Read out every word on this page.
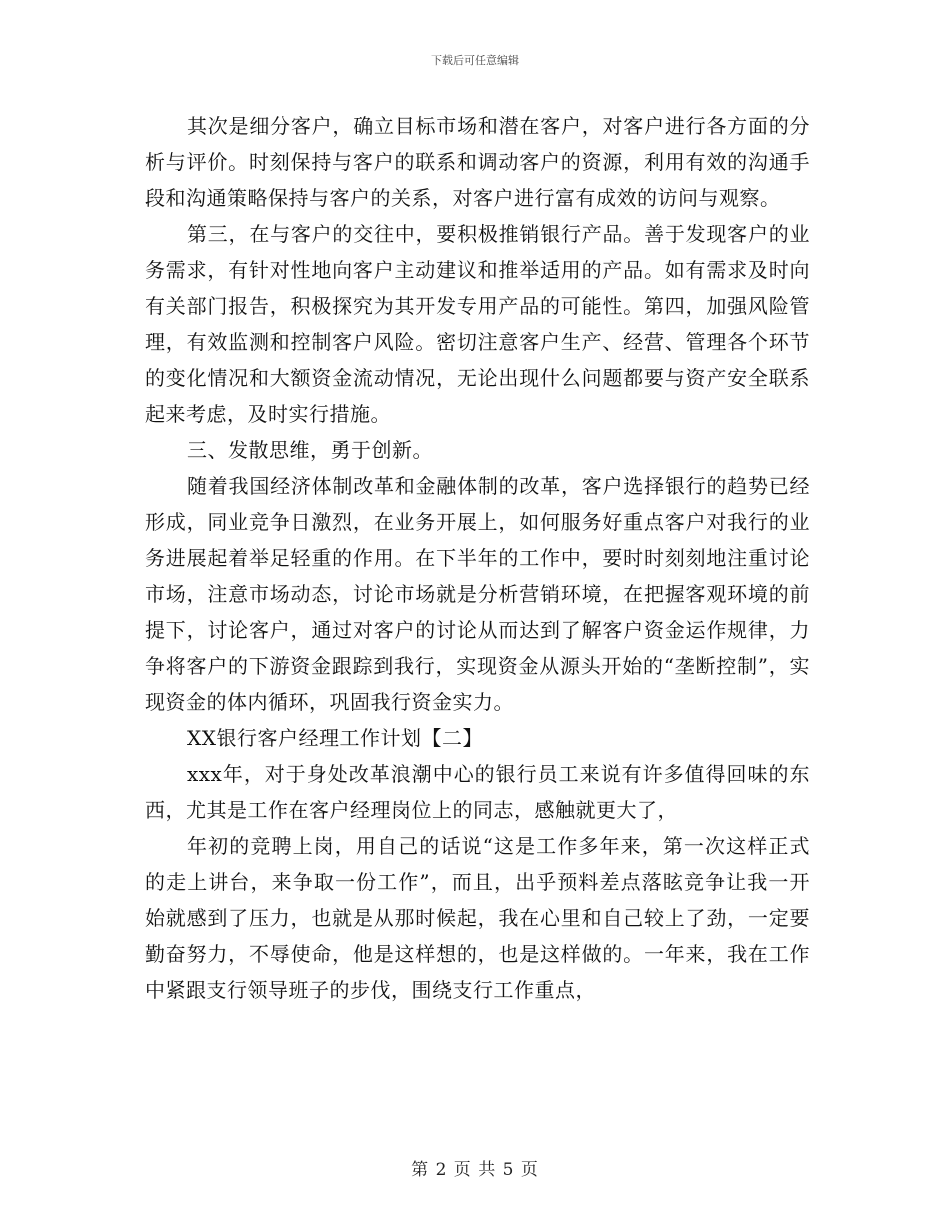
下载后可任意编辑

其次是细分客户，确立目标市场和潜在客户，对客户进行各方面的分析与评价。时刻保持与客户的联系和调动客户的资源，利用有效的沟通手段和沟通策略保持与客户的关系，对客户进行富有成效的访问与观察。

第三，在与客户的交往中，要积极推销银行产品。善于发现客户的业务需求，有针对性地向客户主动建议和推举适用的产品。如有需求及时向有关部门报告，积极探究为其开发专用产品的可能性。第四，加强风险管理，有效监测和控制客户风险。密切注意客户生产、经营、管理各个环节的变化情况和大额资金流动情况，无论出现什么问题都要与资产安全联系起来考虑，及时实行措施。

三、发散思维，勇于创新。

随着我国经济体制改革和金融体制的改革，客户选择银行的趋势已经形成，同业竞争日激烈，在业务开展上，如何服务好重点客户对我行的业务进展起着举足轻重的作用。在下半年的工作中，要时时刻刻地注重讨论市场，注意市场动态，讨论市场就是分析营销环境，在把握客观环境的前提下，讨论客户，通过对客户的讨论从而达到了解客户资金运作规律，力争将客户的下游资金跟踪到我行，实现资金从源头开始的“垄断控制”，实现资金的体内循环，巩固我行资金实力。

XX银行客户经理工作计划【二】

xxx年，对于身处改革浪潮中心的银行员工来说有许多值得回味的东西，尤其是工作在客户经理岗位上的同志，感触就更大了，

年初的竞聘上岗，用自己的话说“这是工作多年来，第一次这样正式的走上讲台，来争取一份工作”，而且，出乎预料差点落眩竞争让我一开始就感到了压力，也就是从那时候起，我在心里和自己较上了劲，一定要勤奋努力，不辱使命，他是这样想的，也是这样做的。一年来，我在工作中紧跟支行领导班子的步伐，围绕支行工作重点，

第 2 页 共 5 页
